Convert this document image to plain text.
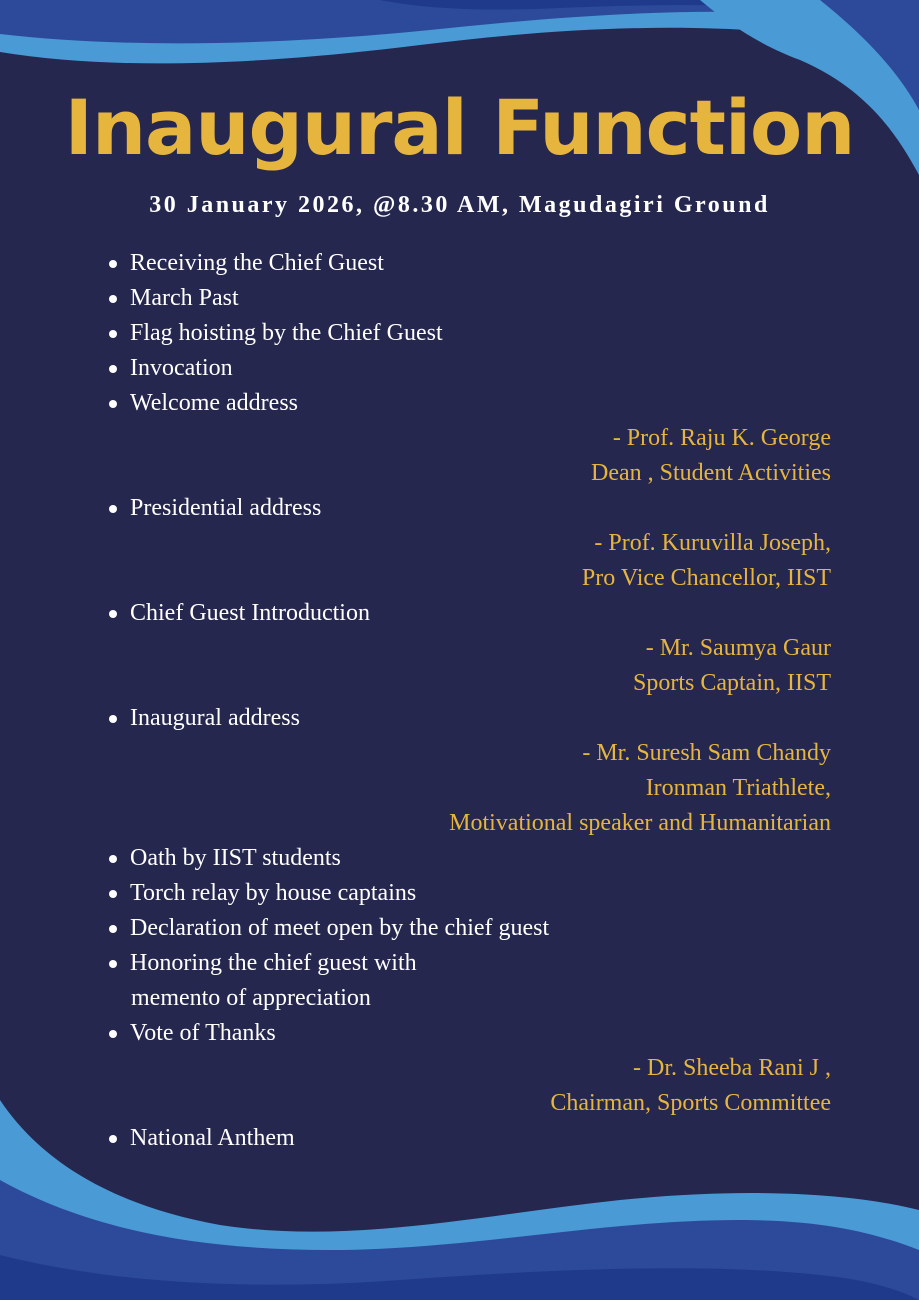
Inaugural Function
30 January 2026, @8.30 AM, Magudagiri Ground
Receiving the Chief Guest
March Past
Flag hoisting by the Chief Guest
Invocation
Welcome address
- Prof. Raju K. George
Dean , Student Activities
Presidential address
- Prof. Kuruvilla Joseph,
Pro Vice Chancellor, IIST
Chief Guest Introduction
- Mr. Saumya Gaur
Sports Captain, IIST
Inaugural address
- Mr. Suresh Sam Chandy
Ironman Triathlete,
Motivational speaker and Humanitarian
Oath by IIST students
Torch relay by house captains
Declaration of meet open by the chief guest
Honoring the chief guest with
memento of appreciation
Vote of Thanks
- Dr. Sheeba Rani J ,
Chairman, Sports Committee
National Anthem
